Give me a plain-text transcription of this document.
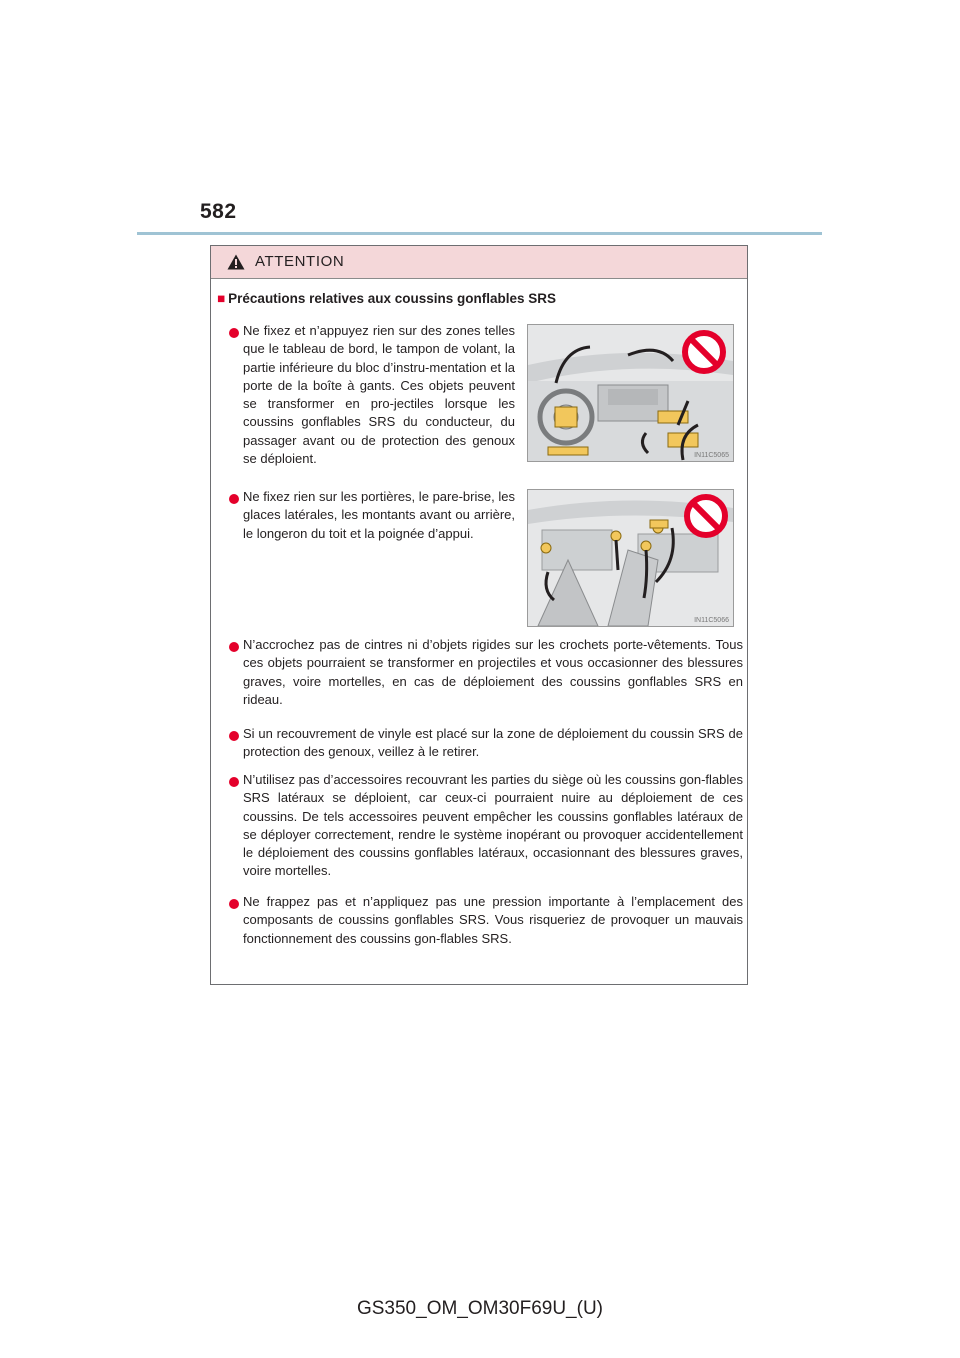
582
ATTENTION
■ Précautions relatives aux coussins gonflables SRS
Ne fixez et n’appuyez rien sur des zones telles que le tableau de bord, le tampon de volant, la partie inférieure du bloc d’instru-mentation et la porte de la boîte à gants. Ces objets peuvent se transformer en pro-jectiles lorsque les coussins gonflables SRS du conducteur, du passager avant ou de protection des genoux se déploient.	IN11C5065
Ne fixez rien sur les portières, le pare-brise, les glaces latérales, les montants avant ou arrière, le longeron du toit et la poignée d’appui.
IN11C5066
N’accrochez pas de cintres ni d’objets rigides sur les crochets porte-vêtements. Tous ces objets pourraient se transformer en projectiles et vous occasionner des blessures graves, voire mortelles, en cas de déploiement des coussins gonflables SRS en rideau.
Si un recouvrement de vinyle est placé sur la zone de déploiement du coussin SRS de protection des genoux, veillez à le retirer.
N’utilisez pas d’accessoires recouvrant les parties du siège où les coussins gon-flables SRS latéraux se déploient, car ceux-ci pourraient nuire au déploiement de ces coussins. De tels accessoires peuvent empêcher les coussins gonflables latéraux de se déployer correctement, rendre le système inopérant ou provoquer accidentellement le déploiement des coussins gonflables latéraux, occasionnant des blessures graves, voire mortelles.
Ne frappez pas et n’appliquez pas une pression importante à l’emplacement des composants de coussins gonflables SRS. Vous risqueriez de provoquer un mauvais fonctionnement des coussins gon-flables SRS.
GS350_OM_OM30F69U_(U)
